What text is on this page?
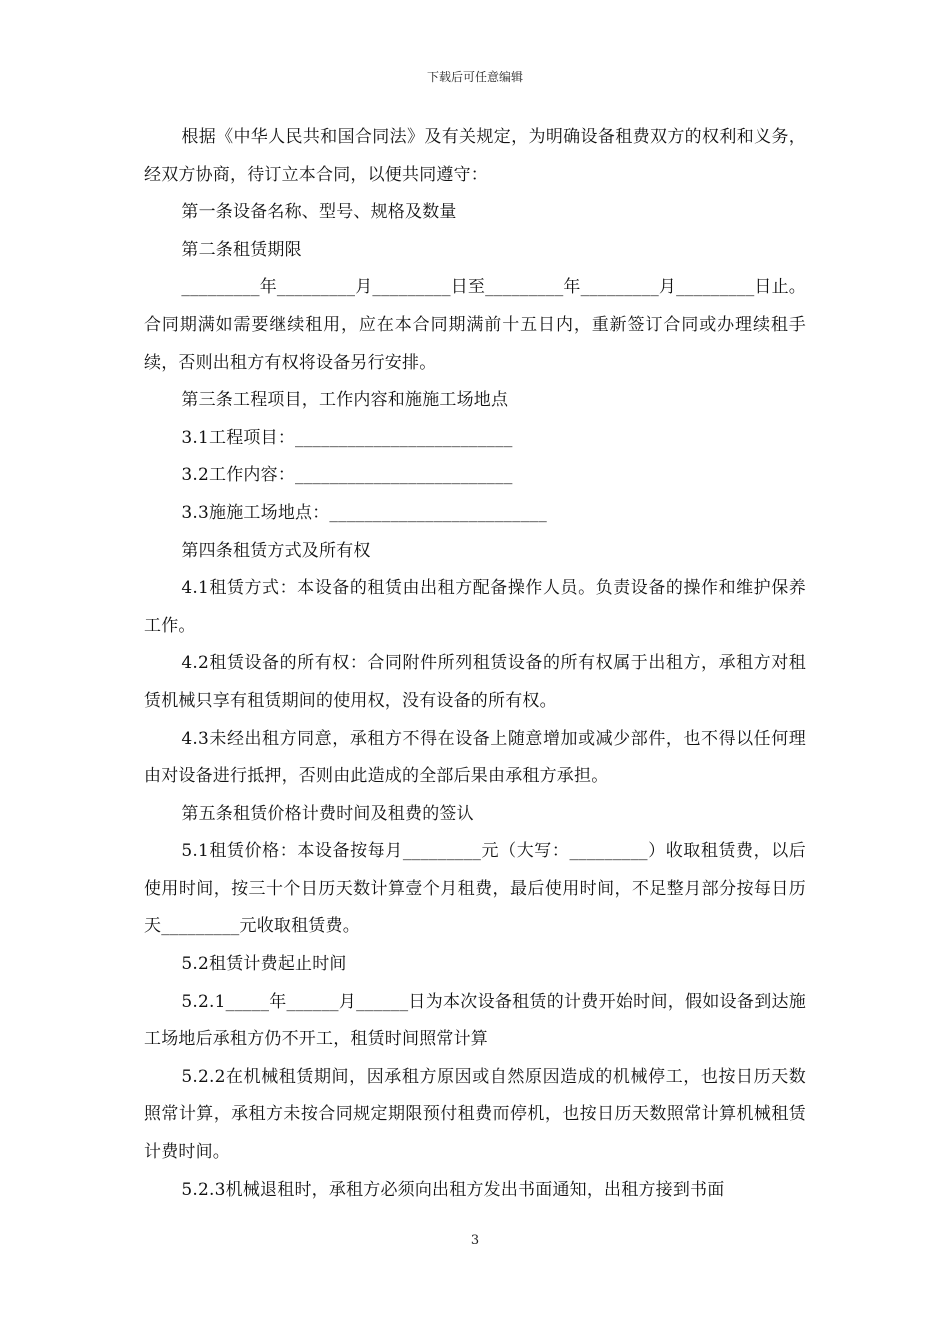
下载后可任意编辑

根据《中华人民共和国合同法》及有关规定，为明确设备租费双方的权利和义务，经双方协商，待订立本合同，以便共同遵守：

第一条设备名称、型号、规格及数量

第二条租赁期限

_________年_________月_________日至_________年_________月_________日止。合同期满如需要继续租用，应在本合同期满前十五日内，重新签订合同或办理续租手续，否则出租方有权将设备另行安排。

第三条工程项目，工作内容和施施工场地点

3.1工程项目：_________________________

3.2工作内容：_________________________

3.3施施工场地点：_________________________

第四条租赁方式及所有权

4.1租赁方式：本设备的租赁由出租方配备操作人员。负责设备的操作和维护保养工作。

4.2租赁设备的所有权：合同附件所列租赁设备的所有权属于出租方，承租方对租赁机械只享有租赁期间的使用权，没有设备的所有权。

4.3未经出租方同意，承租方不得在设备上随意增加或减少部件，也不得以任何理由对设备进行抵押，否则由此造成的全部后果由承租方承担。

第五条租赁价格计费时间及租费的签认

5.1租赁价格：本设备按每月_________元（大写：_________）收取租赁费，以后使用时间，按三十个日历天数计算壹个月租费，最后使用时间，不足整月部分按每日历天_________元收取租赁费。

5.2租赁计费起止时间

5.2.1_____年______月______日为本次设备租赁的计费开始时间，假如设备到达施工场地后承租方仍不开工，租赁时间照常计算

5.2.2在机械租赁期间，因承租方原因或自然原因造成的机械停工，也按日历天数照常计算，承租方未按合同规定期限预付租费而停机，也按日历天数照常计算机械租赁计费时间。

5.2.3机械退租时，承租方必须向出租方发出书面通知，出租方接到书面

3
